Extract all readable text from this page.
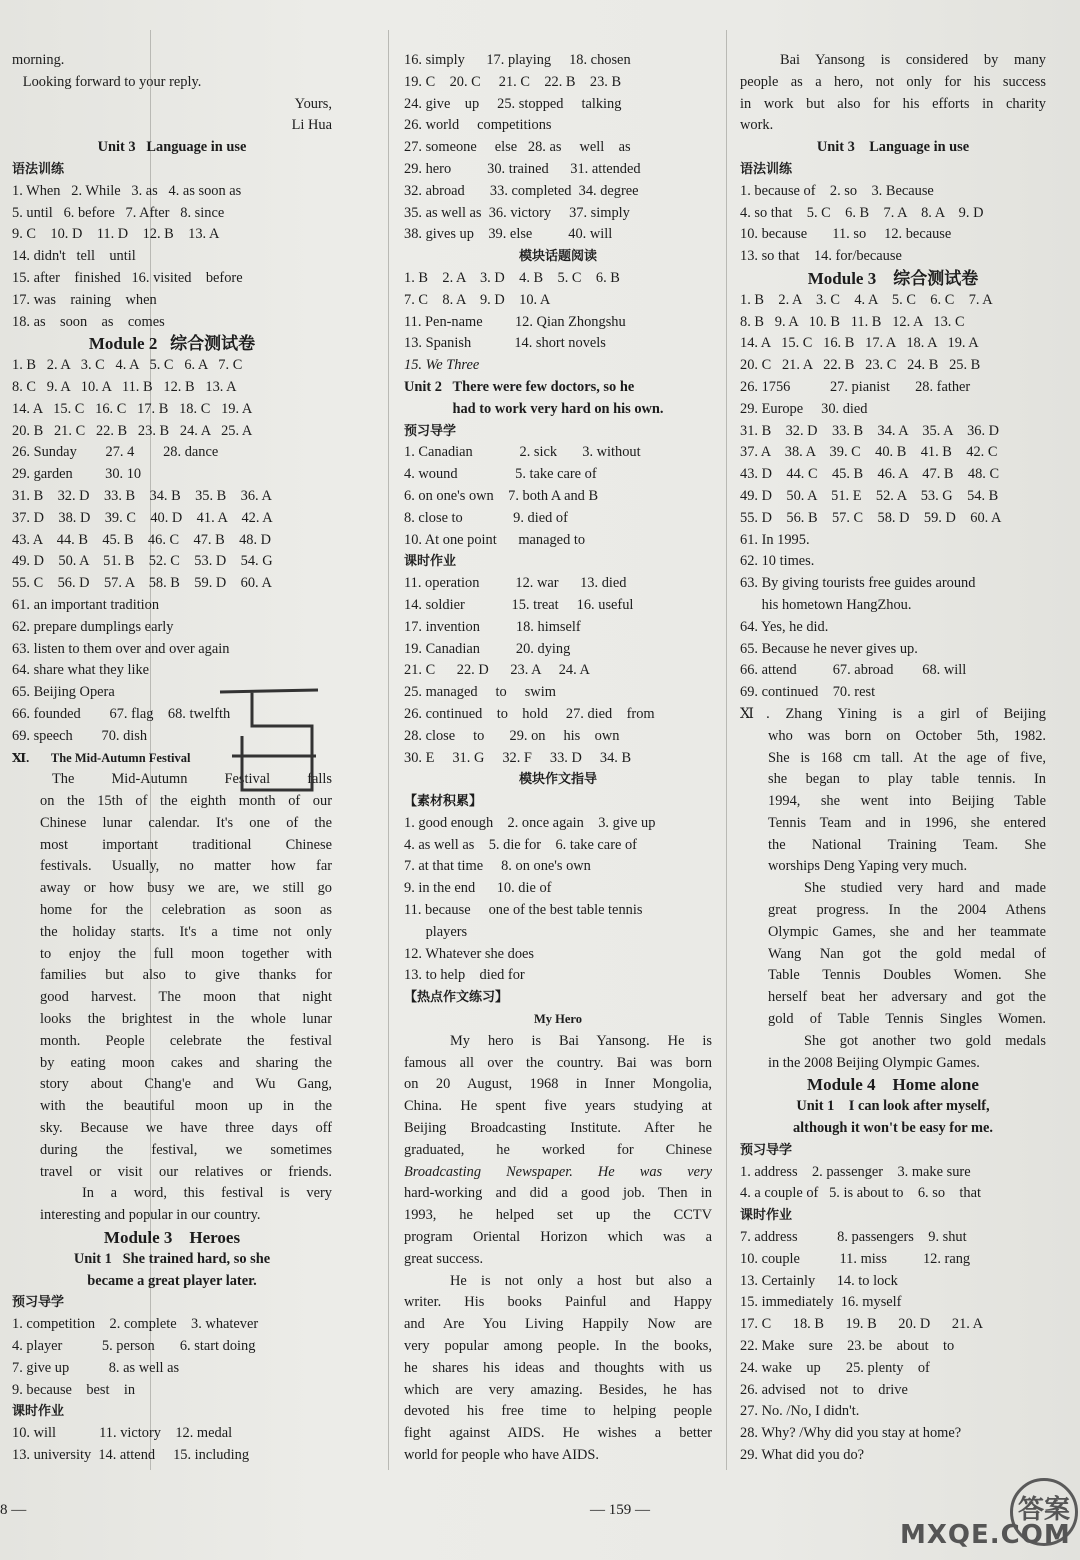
morning.
Looking forward to your reply.
Yours,
Li Hua
Unit 3   Language in use
语法训练
1. When   2. While   3. as   4. as soon as
5. until   6. before   7. After   8. since
9. C    10. D    11. D    12. B    13. A
14. didn't   tell    until
15. after    finished   16. visited    before
17. was    raining    when
18. as    soon    as    comes
Module 2   综合测试卷
1. B   2. A   3. C   4. A   5. C   6. A   7. C
8. C   9. A   10. A   11. B   12. B   13. A
14. A   15. C   16. C   17. B   18. C   19. A
20. B   21. C   22. B   23. B   24. A   25. A
26. Sunday        27. 4        28. dance
29. garden         30. 10
31. B    32. D    33. B    34. B    35. B    36. A
37. D    38. D    39. C    40. D    41. A    42. A
43. A    44. B    45. B    46. C    47. B    48. D
49. D    50. A    51. B    52. C    53. D    54. G
55. C    56. D    57. A    58. B    59. D    60. A
61. an important tradition
62. prepare dumplings early
63. listen to them over and over again
64. share what they like
65. Beijing Opera
66. founded        67. flag    68. twelfth
69. speech        70. dish
Ⅺ.       The Mid-Autumn Festival
The Mid-Autumn Festival falls
on the 15th of the eighth month of our
Chinese lunar calendar. It's one of the
most important traditional Chinese
festivals. Usually, no matter how far
away or how busy we are, we still go
home for the celebration as soon as
the holiday starts. It's a time not only
to enjoy the full moon together with
families but also to give thanks for
good harvest. The moon that night
looks the brightest in the whole lunar
month. People celebrate the festival
by eating moon cakes and sharing the
story about Chang'e and Wu Gang,
with the beautiful moon up in the
sky. Because we have three days off
during the festival, we sometimes
travel or visit our relatives or friends.
In a word, this festival is very
interesting and popular in our country.
Module 3    Heroes
Unit 1   She trained hard, so she
became a great player later.
预习导学
1. competition    2. complete    3. whatever
4. player           5. person       6. start doing
7. give up           8. as well as
9. because    best    in
课时作业
10. will            11. victory    12. medal
13. university  14. attend     15. including
16. simply      17. playing     18. chosen
19. C    20. C     21. C    22. B    23. B
24. give    up     25. stopped     talking
26. world     competitions
27. someone     else   28. as     well    as
29. hero          30. trained      31. attended
32. abroad       33. completed  34. degree
35. as well as  36. victory     37. simply
38. gives up    39. else          40. will
模块话题阅读
1. B    2. A    3. D    4. B    5. C    6. B
7. C    8. A    9. D    10. A
11. Pen-name         12. Qian Zhongshu
13. Spanish            14. short novels
15. We Three
Unit 2   There were few doctors, so he
had to work very hard on his own.
预习导学
1. Canadian             2. sick       3. without
4. wound                5. take care of
6. on one's own    7. both A and B
8. close to              9. died of
10. At one point      managed to
课时作业
11. operation          12. war      13. died
14. soldier             15. treat     16. useful
17. invention          18. himself
19. Canadian          20. dying
21. C      22. D      23. A     24. A
25. managed     to     swim
26. continued    to    hold     27. died    from
28. close     to       29. on     his    own
30. E     31. G     32. F     33. D     34. B
模块作文指导
【素材积累】
1. good enough    2. once again    3. give up
4. as well as    5. die for    6. take care of
7. at that time     8. on one's own
9. in the end      10. die of
11. because     one of the best table tennis
players
12. Whatever she does
13. to help    died for
【热点作文练习】
My Hero
My hero is Bai Yansong. He is
famous all over the country. Bai was born
on 20 August, 1968 in Inner Mongolia,
China. He spent five years studying at
Beijing Broadcasting Institute. After he
graduated, he worked for Chinese
Broadcasting Newspaper. He was very
hard-working and did a good job. Then in
1993, he helped set up the CCTV
program Oriental Horizon which was a
great success.
He is not only a host but also a
writer. His books Painful and Happy
and Are You Living Happily Now are
very popular among people. In the books,
he shares his ideas and thoughts with us
which are very amazing. Besides, he has
devoted his free time to helping people
fight against AIDS. He wishes a better
world for people who have AIDS.
Bai Yansong is considered by many
people as a hero, not only for his success
in work but also for his efforts in charity
work.
Unit 3    Language in use
语法训练
1. because of    2. so    3. Because
4. so that    5. C    6. B    7. A    8. A    9. D
10. because       11. so     12. because
13. so that    14. for/because
Module 3    综合测试卷
1. B    2. A    3. C    4. A    5. C    6. C    7. A
8. B   9. A   10. B   11. B   12. A   13. C
14. A   15. C   16. B   17. A   18. A   19. A
20. C   21. A   22. B   23. C   24. B   25. B
26. 1756           27. pianist       28. father
29. Europe     30. died
31. B    32. D    33. B    34. A    35. A    36. D
37. A    38. A    39. C    40. B    41. B    42. C
43. D    44. C    45. B    46. A    47. B    48. C
49. D    50. A    51. E    52. A    53. G    54. B
55. D    56. B    57. C    58. D    59. D    60. A
61. In 1995.
62. 10 times.
63. By giving tourists free guides around
his hometown HangZhou.
64. Yes, he did.
65. Because he never gives up.
66. attend          67. abroad        68. will
69. continued    70. rest
Ⅺ. Zhang Yining is a girl of Beijing
who was born on October 5th, 1982.
She is 168 cm tall. At the age of five,
she began to play table tennis. In
1994, she went into Beijing Table
Tennis Team and in 1996, she entered
the National Training Team. She
worships Deng Yaping very much.
She studied very hard and made
great progress. In the 2004 Athens
Olympic Games, she and her teammate
Wang Nan got the gold medal of
Table Tennis Doubles Women. She
herself beat her adversary and got the
gold of Table Tennis Singles Women.
She got another two gold medals
in the 2008 Beijing Olympic Games.
Module 4    Home alone
Unit 1    I can look after myself,
although it won't be easy for me.
预习导学
1. address    2. passenger    3. make sure
4. a couple of   5. is about to    6. so    that
课时作业
7. address           8. passengers    9. shut
10. couple           11. miss          12. rang
13. Certainly      14. to lock
15. immediately  16. myself
17. C      18. B      19. B      20. D      21. A
22. Make    sure    23. be    about    to
24. wake    up       25. plenty    of
26. advised    not    to    drive
27. No. /No, I didn't.
28. Why? /Why did you stay at home?
29. What did you do?
8 —	— 159 —	答案
MXQE.COM
